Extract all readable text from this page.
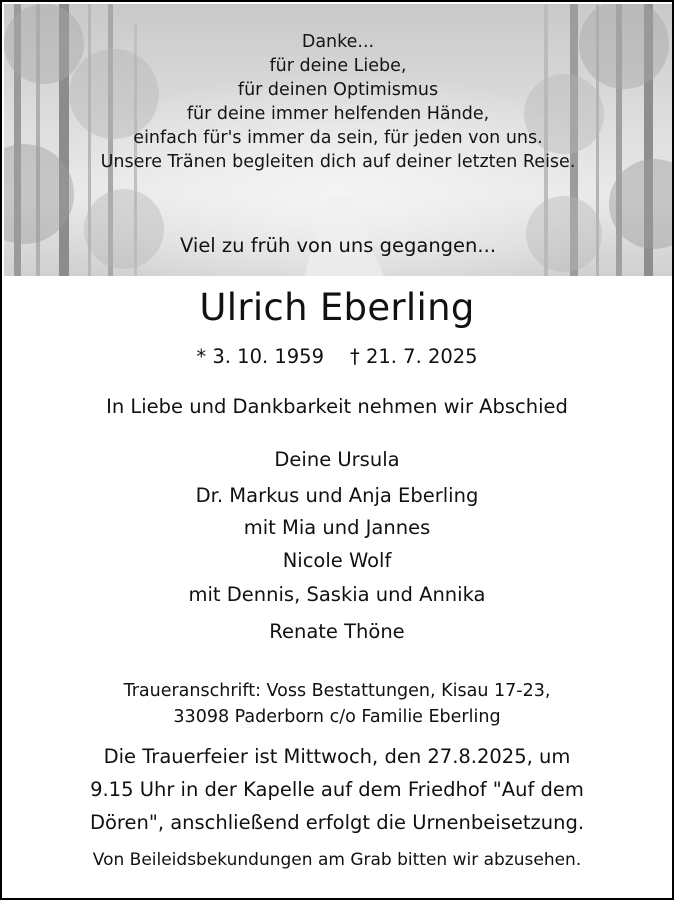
Danke...
für deine Liebe,
für deinen Optimismus
für deine immer helfenden Hände,
einfach für's immer da sein, für jeden von uns.
Unsere Tränen begleiten dich auf deiner letzten Reise.
Viel zu früh von uns gegangen...
Ulrich Eberling
* 3. 10. 1959 † 21. 7. 2025
In Liebe und Dankbarkeit nehmen wir Abschied
Deine Ursula
Dr. Markus und Anja Eberling
mit Mia und Jannes
Nicole Wolf
mit Dennis, Saskia und Annika
Renate Thöne
Traueranschrift: Voss Bestattungen, Kisau 17-23,
33098 Paderborn c/o Familie Eberling
Die Trauerfeier ist Mittwoch, den 27.8.2025, um
9.15 Uhr in der Kapelle auf dem Friedhof "Auf dem
Dören", anschließend erfolgt die Urnenbeisetzung.
Von Beileidsbekundungen am Grab bitten wir abzusehen.
